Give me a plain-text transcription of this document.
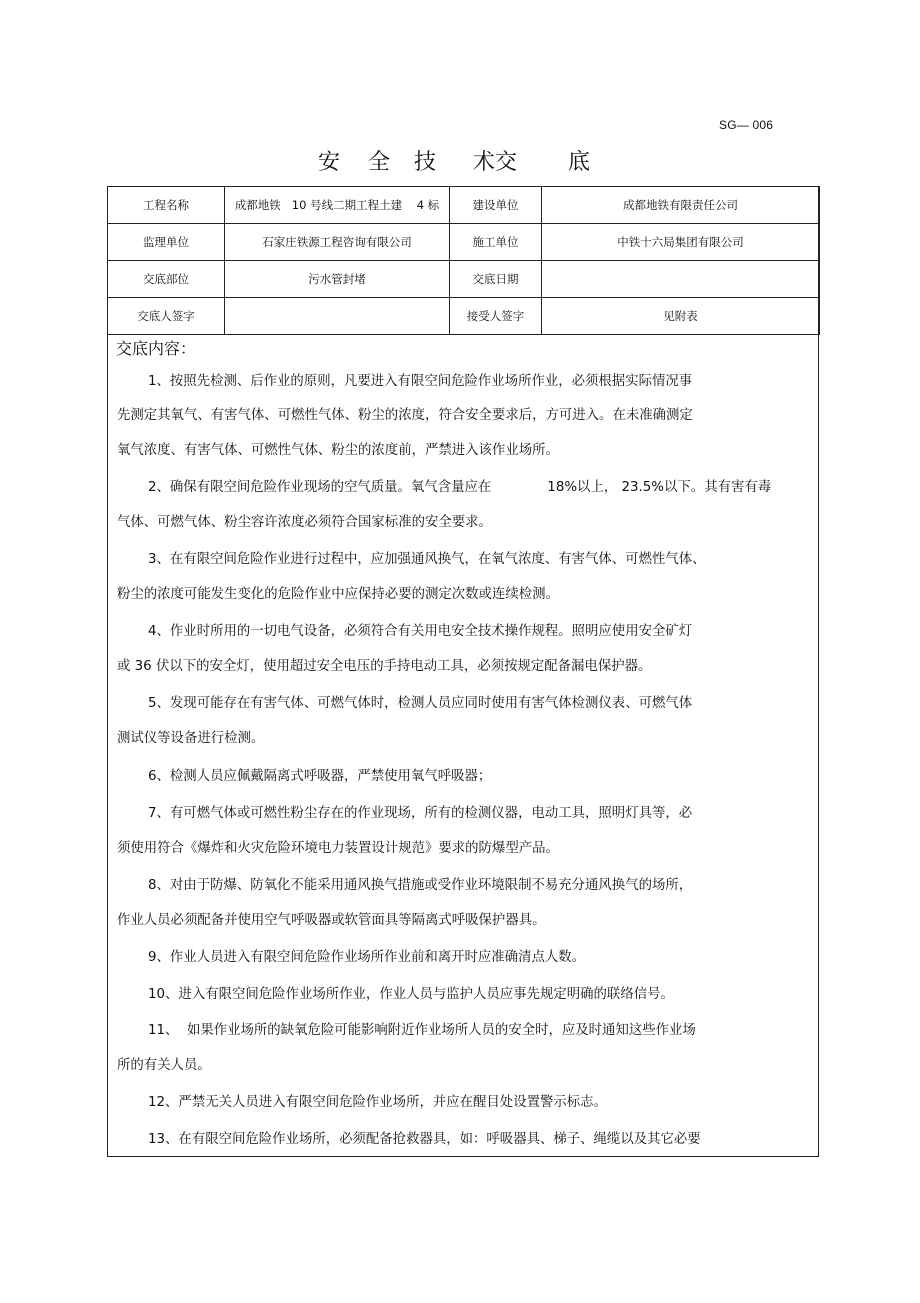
SG— 006
安 全 技 术交 底
工程名称	成都地铁   10 号线二期工程土建    4 标	建设单位	成都地铁有限责任公司
监理单位	石家庄铁源工程咨询有限公司	施工单位	中铁十六局集团有限公司
交底部位	污水管封堵	交底日期	
交底人签字		接受人签字	见附表
交底内容：
1、按照先检测、后作业的原则，凡要进入有限空间危险作业场所作业，必须根据实际情况事
先测定其氧气、有害气体、可燃性气体、粉尘的浓度，符合安全要求后，方可进入。在未准确测定
氧气浓度、有害气体、可燃性气体、粉尘的浓度前，严禁进入该作业场所。
2、确保有限空间危险作业现场的空气质量。氧气含量应在	18%以上， 23.5%以下。其有害有毒
气体、可燃气体、粉尘容许浓度必须符合国家标准的安全要求。
3、在有限空间危险作业进行过程中，应加强通风换气，在氧气浓度、有害气体、可燃性气体、
粉尘的浓度可能发生变化的危险作业中应保持必要的测定次数或连续检测。
4、作业时所用的一切电气设备，必须符合有关用电安全技术操作规程。照明应使用安全矿灯
或 36 伏以下的安全灯，使用超过安全电压的手持电动工具，必须按规定配备漏电保护器。
5、发现可能存在有害气体、可燃气体时，检测人员应同时使用有害气体检测仪表、可燃气体
测试仪等设备进行检测。
6、检测人员应佩戴隔离式呼吸器，严禁使用氧气呼吸器；
7、有可燃气体或可燃性粉尘存在的作业现场，所有的检测仪器，电动工具，照明灯具等，必
须使用符合《爆炸和火灾危险环境电力装置设计规范》要求的防爆型产品。
8、对由于防爆、防氧化不能采用通风换气措施或受作业环境限制不易充分通风换气的场所，
作业人员必须配备并使用空气呼吸器或软管面具等隔离式呼吸保护器具。
9、作业人员进入有限空间危险作业场所作业前和离开时应准确清点人数。
10、进入有限空间危险作业场所作业，作业人员与监护人员应事先规定明确的联络信号。
11、  如果作业场所的缺氧危险可能影响附近作业场所人员的安全时，应及时通知这些作业场
所的有关人员。
12、严禁无关人员进入有限空间危险作业场所，并应在醒目处设置警示标志。
13、在有限空间危险作业场所，必须配备抢救器具，如：呼吸器具、梯子、绳缆以及其它必要
